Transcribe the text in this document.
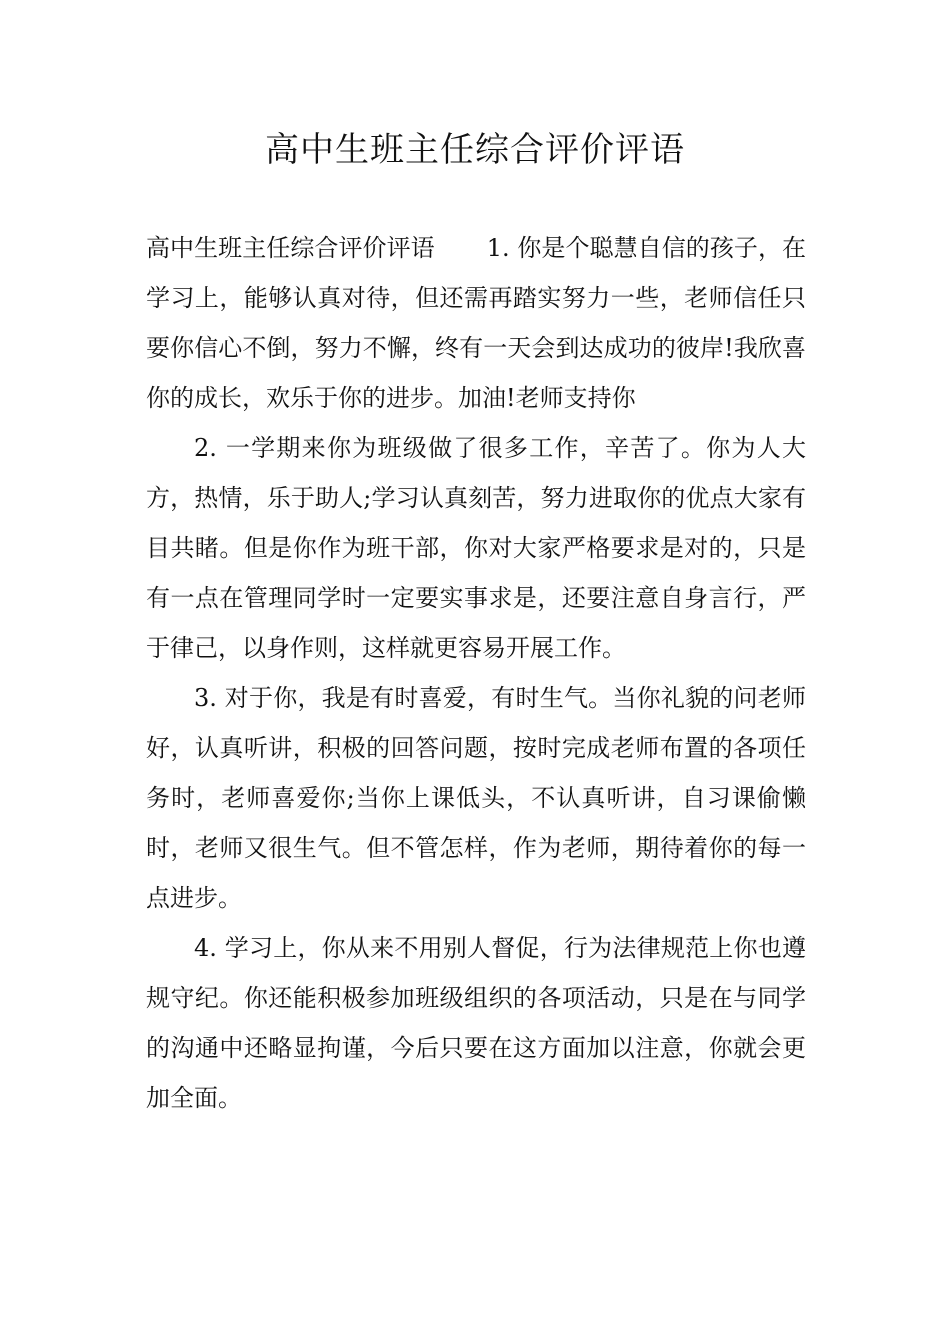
高中生班主任综合评价评语

高中生班主任综合评价评语 1. 你是个聪慧自信的孩子，在学习上，能够认真对待，但还需再踏实努力一些，老师信任只要你信心不倒，努力不懈，终有一天会到达成功的彼岸!我欣喜你的成长，欢乐于你的进步。加油!老师支持你

2. 一学期来你为班级做了很多工作，辛苦了。你为人大方，热情，乐于助人;学习认真刻苦，努力进取你的优点大家有目共睹。但是你作为班干部，你对大家严格要求是对的，只是有一点在管理同学时一定要实事求是，还要注意自身言行，严于律己，以身作则，这样就更容易开展工作。

3. 对于你，我是有时喜爱，有时生气。当你礼貌的问老师好，认真听讲，积极的回答问题，按时完成老师布置的各项任务时，老师喜爱你;当你上课低头，不认真听讲，自习课偷懒时，老师又很生气。但不管怎样，作为老师，期待着你的每一点进步。

4. 学习上，你从来不用别人督促，行为法律规范上你也遵规守纪。你还能积极参加班级组织的各项活动，只是在与同学的沟通中还略显拘谨，今后只要在这方面加以注意，你就会更加全面。
